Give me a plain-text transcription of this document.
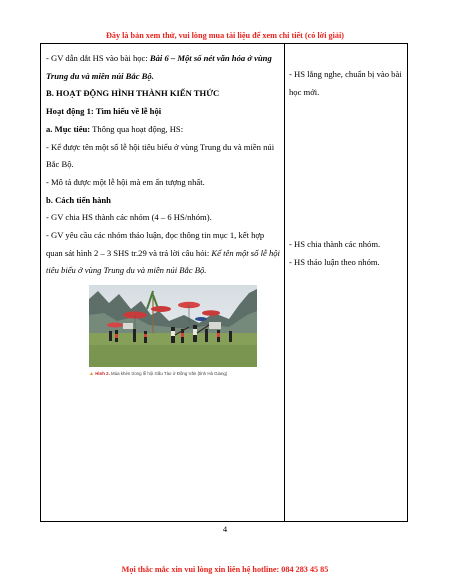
Đây là bản xem thử, vui lòng mua tài liệu để xem chi tiết (có lời giải)

- GV dẫn dắt HS vào bài học: Bài 6 – Một số nét văn hóa ở vùng Trung du và miền núi Bắc Bộ.

B. HOẠT ĐỘNG HÌNH THÀNH KIẾN THỨC

Hoạt động 1: Tìm hiểu về lễ hội

a. Mục tiêu: Thông qua hoạt động, HS:

- Kể được tên một số lễ hội tiêu biểu ở vùng Trung du và miền núi Bắc Bộ.

- Mô tả được một lễ hội mà em ấn tượng nhất.

b. Cách tiến hành

- GV chia HS thành các nhóm (4 – 6 HS/nhóm).

- GV yêu cầu các nhóm thảo luận, đọc thông tin mục 1, kết hợp quan sát hình 2 – 3 SHS tr.29 và trả lời câu hỏi: Kể tên một số lễ hội tiêu biểu ở vùng Trung du và miền núi Bắc Bộ.

▲ Hình 2. Múa khèn trong lễ hội Gầu Tào ở Đồng Văn (tỉnh Hà Giang)

- HS lắng nghe, chuẩn bị vào bài học mới.

- HS chia thành các nhóm.

- HS thảo luận theo nhóm.

4
Mọi thắc mắc xin vui lòng xin liên hệ hotline: 084 283 45 85
